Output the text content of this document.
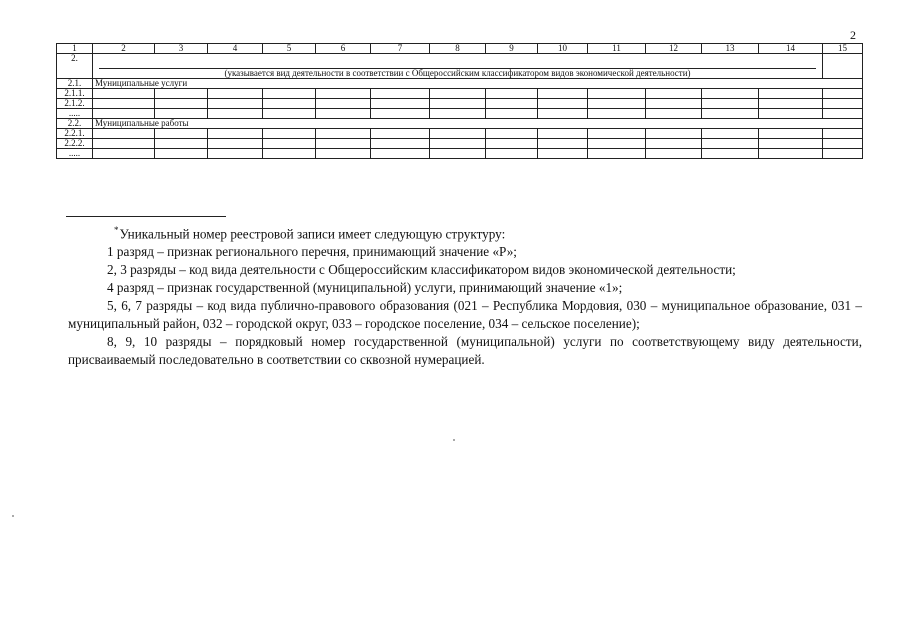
2
1	2	3	4	5	6	7	8	9	10	11	12	13	14	15
2.	(указывается вид деятельности в соответствии с Общероссийским классификатором видов экономической деятельности)													
2.1.	Муниципальные услуги													
2.1.1.														
2.1.2.														
.....														
2.2.	Муниципальные работы													
2.2.1.														
2.2.2.														
.....														

*Уникальный номер реестровой записи имеет следующую структуру:

1 разряд – признак регионального перечня, принимающий значение «Р»;

2, 3 разряды – код вида деятельности с Общероссийским классификатором видов экономической деятельности;

4 разряд – признак государственной (муниципальной) услуги, принимающий значение «1»;

5, 6, 7 разряды – код вида публично-правового образования (021 – Республика Мордовия, 030 – муниципальное образование, 031 – муниципальный район, 032 – городской округ, 033 – городское поселение, 034 – сельское поселение);

8, 9, 10 разряды – порядковый номер государственной (муниципальной) услуги по соответствующему виду деятельности, присваиваемый последовательно в соответствии со сквозной нумерацией.
